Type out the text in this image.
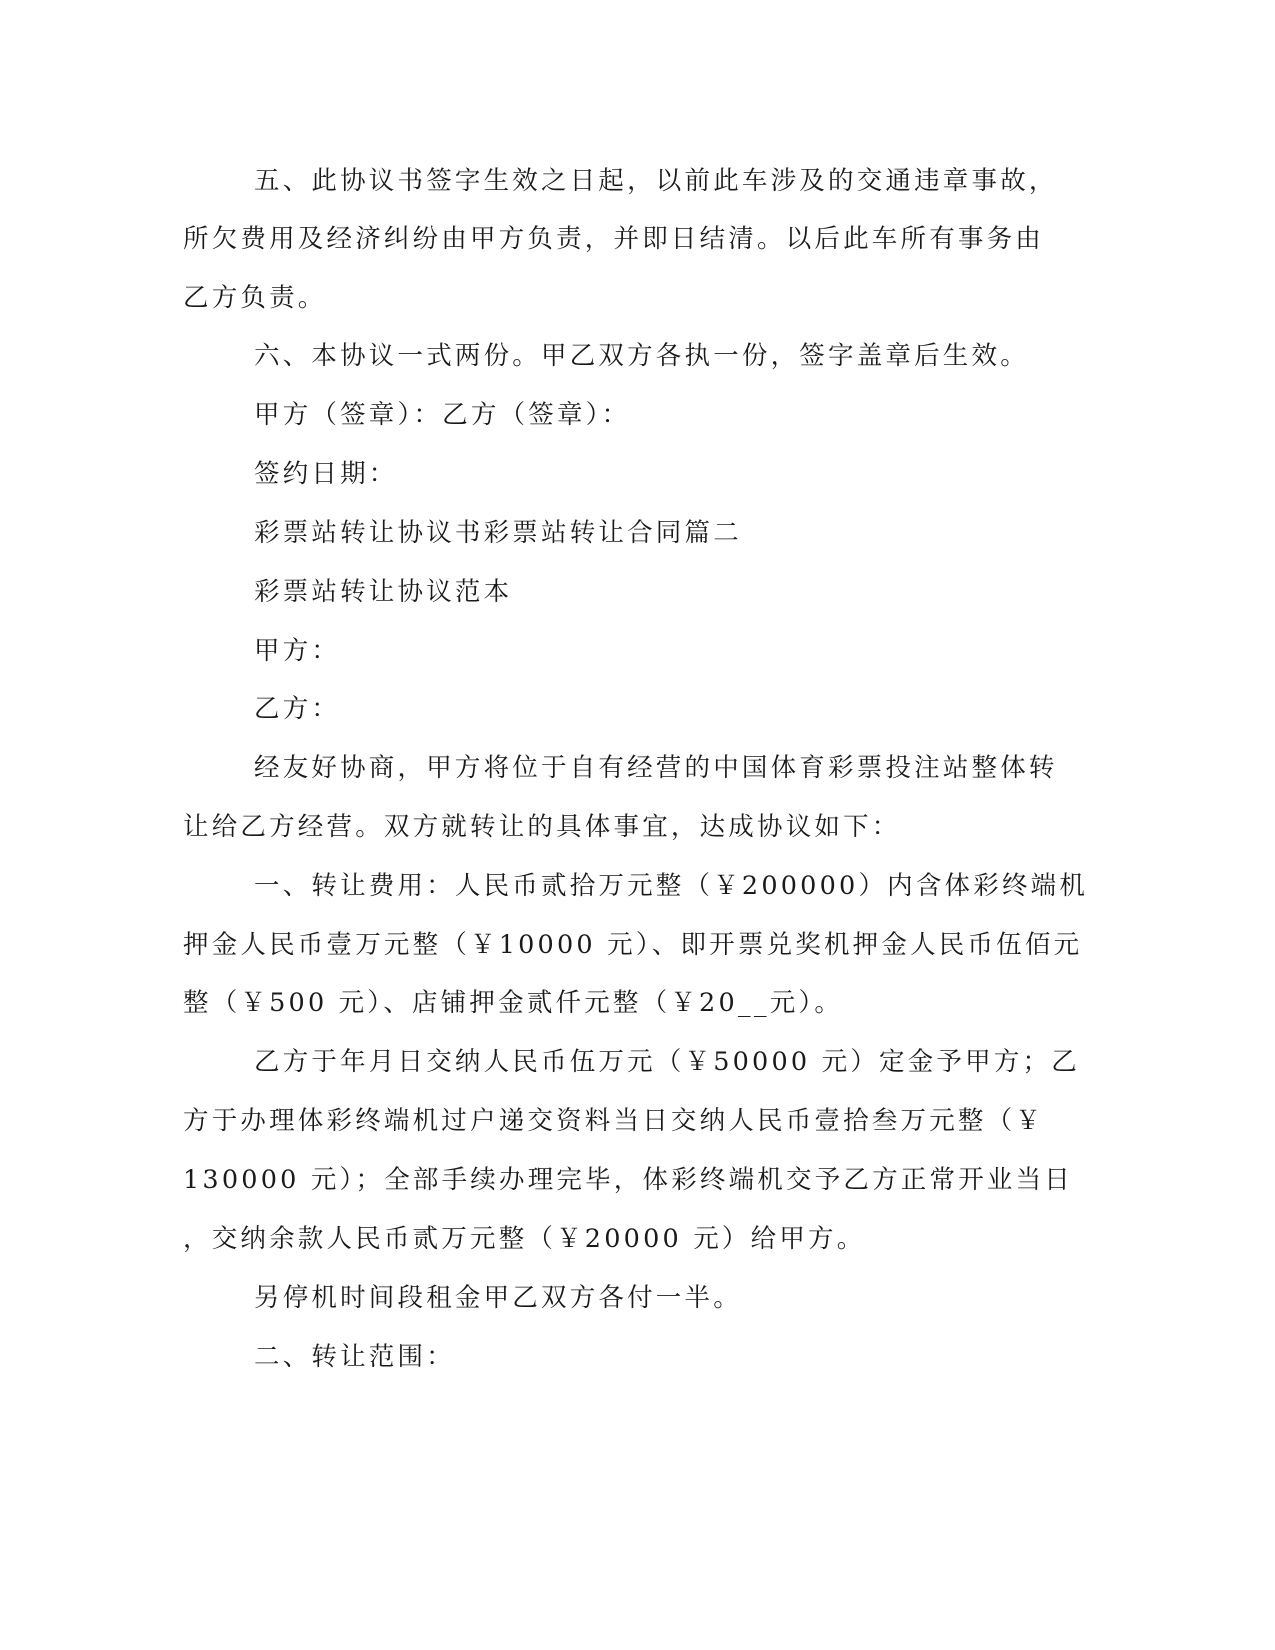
五、此协议书签字生效之日起，以前此车涉及的交通违章事故，
所欠费用及经济纠纷由甲方负责，并即日结清。以后此车所有事务由
乙方负责。
六、本协议一式两份。甲乙双方各执一份，签字盖章后生效。
甲方（签章）：乙方（签章）：
签约日期：
彩票站转让协议书彩票站转让合同篇二
彩票站转让协议范本
甲方：
乙方：
经友好协商，甲方将位于自有经营的中国体育彩票投注站整体转
让给乙方经营。双方就转让的具体事宜，达成协议如下：
一、转让费用：人民币贰拾万元整（￥200000）内含体彩终端机
押金人民币壹万元整（￥10000 元）、即开票兑奖机押金人民币伍佰元
整（￥500 元）、店铺押金贰仟元整（￥20__元）。
乙方于年月日交纳人民币伍万元（￥50000 元）定金予甲方；乙
方于办理体彩终端机过户递交资料当日交纳人民币壹拾叁万元整（￥
130000 元）；全部手续办理完毕，体彩终端机交予乙方正常开业当日
，交纳余款人民币贰万元整（￥20000 元）给甲方。
另停机时间段租金甲乙双方各付一半。
二、转让范围：
